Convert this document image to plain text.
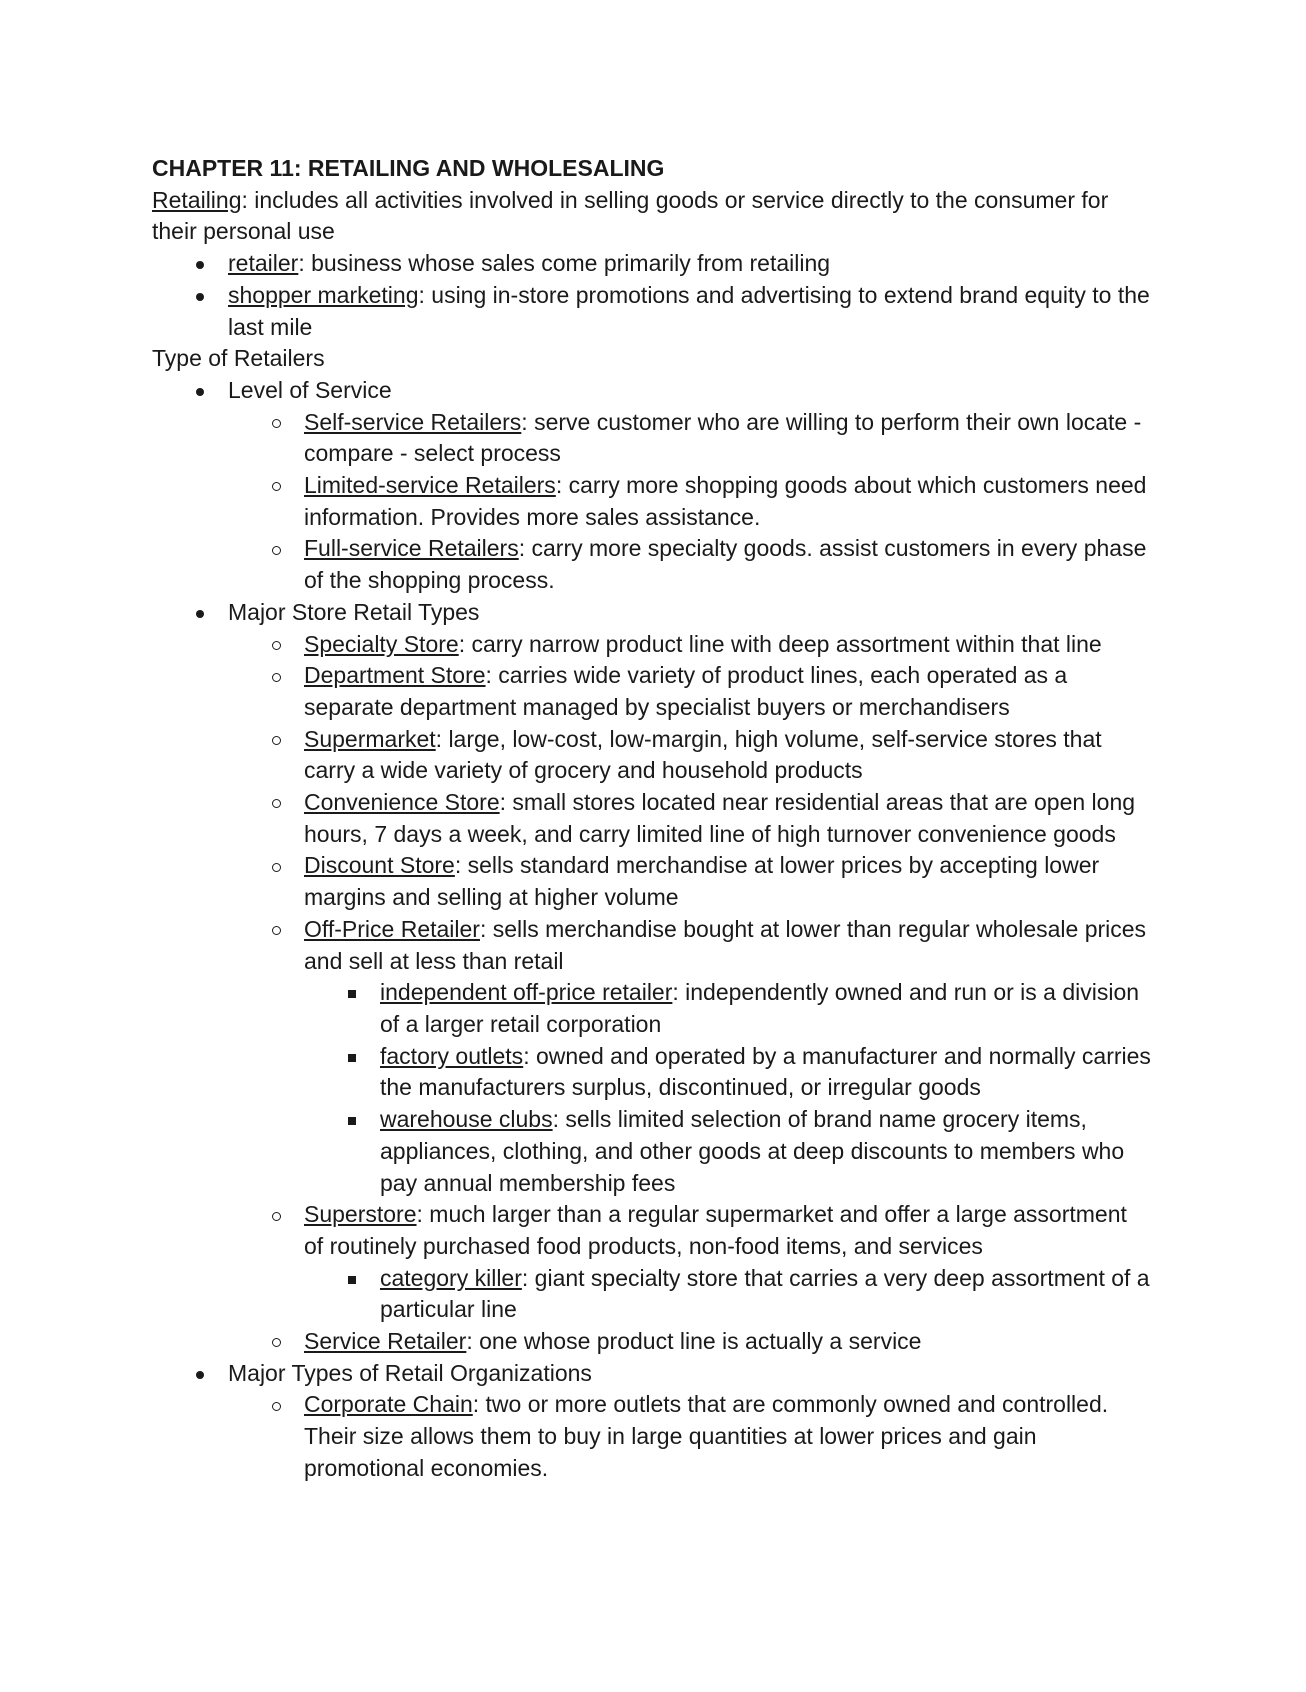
CHAPTER 11: RETAILING AND WHOLESALING

Retailing: includes all activities involved in selling goods or service directly to the consumer for their personal use

retailer: business whose sales come primarily from retailing
shopper marketing: using in-store promotions and advertising to extend brand equity to the last mile

Type of Retailers

Level of Service
Self-service Retailers: serve customer who are willing to perform their own locate - compare - select process
Limited-service Retailers: carry more shopping goods about which customers need information. Provides more sales assistance.
Full-service Retailers: carry more specialty goods. assist customers in every phase of the shopping process.
Major Store Retail Types
Specialty Store: carry narrow product line with deep assortment within that line
Department Store: carries wide variety of product lines, each operated as a separate department managed by specialist buyers or merchandisers
Supermarket: large, low-cost, low-margin, high volume, self-service stores that carry a wide variety of grocery and household products
Convenience Store: small stores located near residential areas that are open long hours, 7 days a week, and carry limited line of high turnover convenience goods
Discount Store: sells standard merchandise at lower prices by accepting lower margins and selling at higher volume
Off-Price Retailer: sells merchandise bought at lower than regular wholesale prices and sell at less than retail
independent off-price retailer: independently owned and run or is a division of a larger retail corporation
factory outlets: owned and operated by a manufacturer and normally carries the manufacturers surplus, discontinued, or irregular goods
warehouse clubs: sells limited selection of brand name grocery items, appliances, clothing, and other goods at deep discounts to members who pay annual membership fees
Superstore: much larger than a regular supermarket and offer a large assortment of routinely purchased food products, non-food items, and services
category killer: giant specialty store that carries a very deep assortment of a particular line
Service Retailer: one whose product line is actually a service
Major Types of Retail Organizations
Corporate Chain: two or more outlets that are commonly owned and controlled. Their size allows them to buy in large quantities at lower prices and gain promotional economies.
